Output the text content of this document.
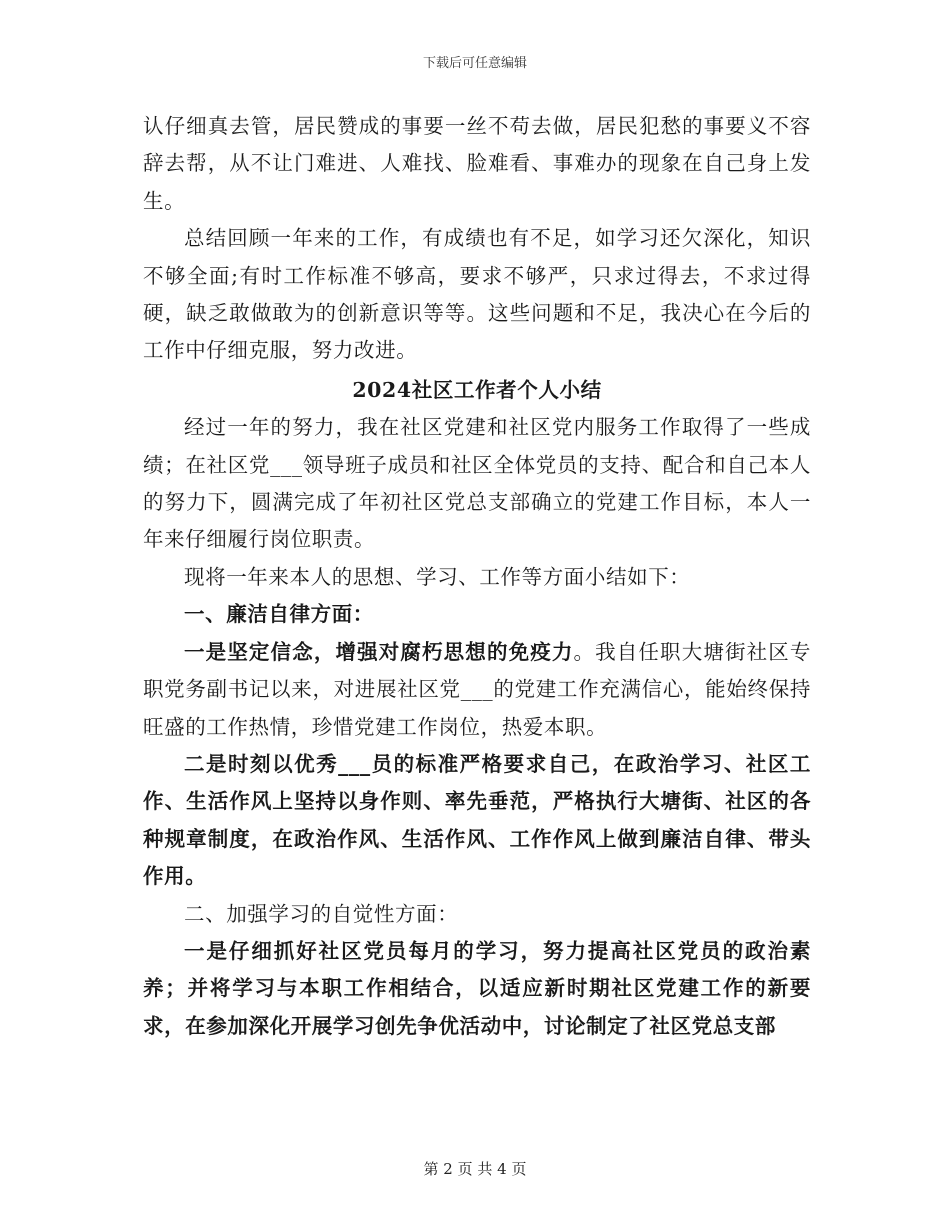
下载后可任意编辑

认仔细真去管，居民赞成的事要一丝不苟去做，居民犯愁的事要义不容辞去帮，从不让门难进、人难找、脸难看、事难办的现象在自己身上发生。

总结回顾一年来的工作，有成绩也有不足，如学习还欠深化，知识不够全面;有时工作标准不够高，要求不够严，只求过得去，不求过得硬，缺乏敢做敢为的创新意识等等。这些问题和不足，我决心在今后的工作中仔细克服，努力改进。

2024社区工作者个人小结

经过一年的努力，我在社区党建和社区党内服务工作取得了一些成绩；在社区党___领导班子成员和社区全体党员的支持、配合和自己本人的努力下，圆满完成了年初社区党总支部确立的党建工作目标，本人一年来仔细履行岗位职责。

现将一年来本人的思想、学习、工作等方面小结如下：

一、廉洁自律方面：

一是坚定信念，增强对腐朽思想的免疫力。我自任职大塘街社区专职党务副书记以来，对进展社区党___的党建工作充满信心，能始终保持旺盛的工作热情，珍惜党建工作岗位，热爱本职。

二是时刻以优秀___员的标准严格要求自己，在政治学习、社区工作、生活作风上坚持以身作则、率先垂范，严格执行大塘街、社区的各种规章制度，在政治作风、生活作风、工作作风上做到廉洁自律、带头作用。

二、加强学习的自觉性方面：

一是仔细抓好社区党员每月的学习，努力提高社区党员的政治素养；并将学习与本职工作相结合，以适应新时期社区党建工作的新要求，在参加深化开展学习创先争优活动中，讨论制定了社区党总支部

第 2 页 共 4 页
